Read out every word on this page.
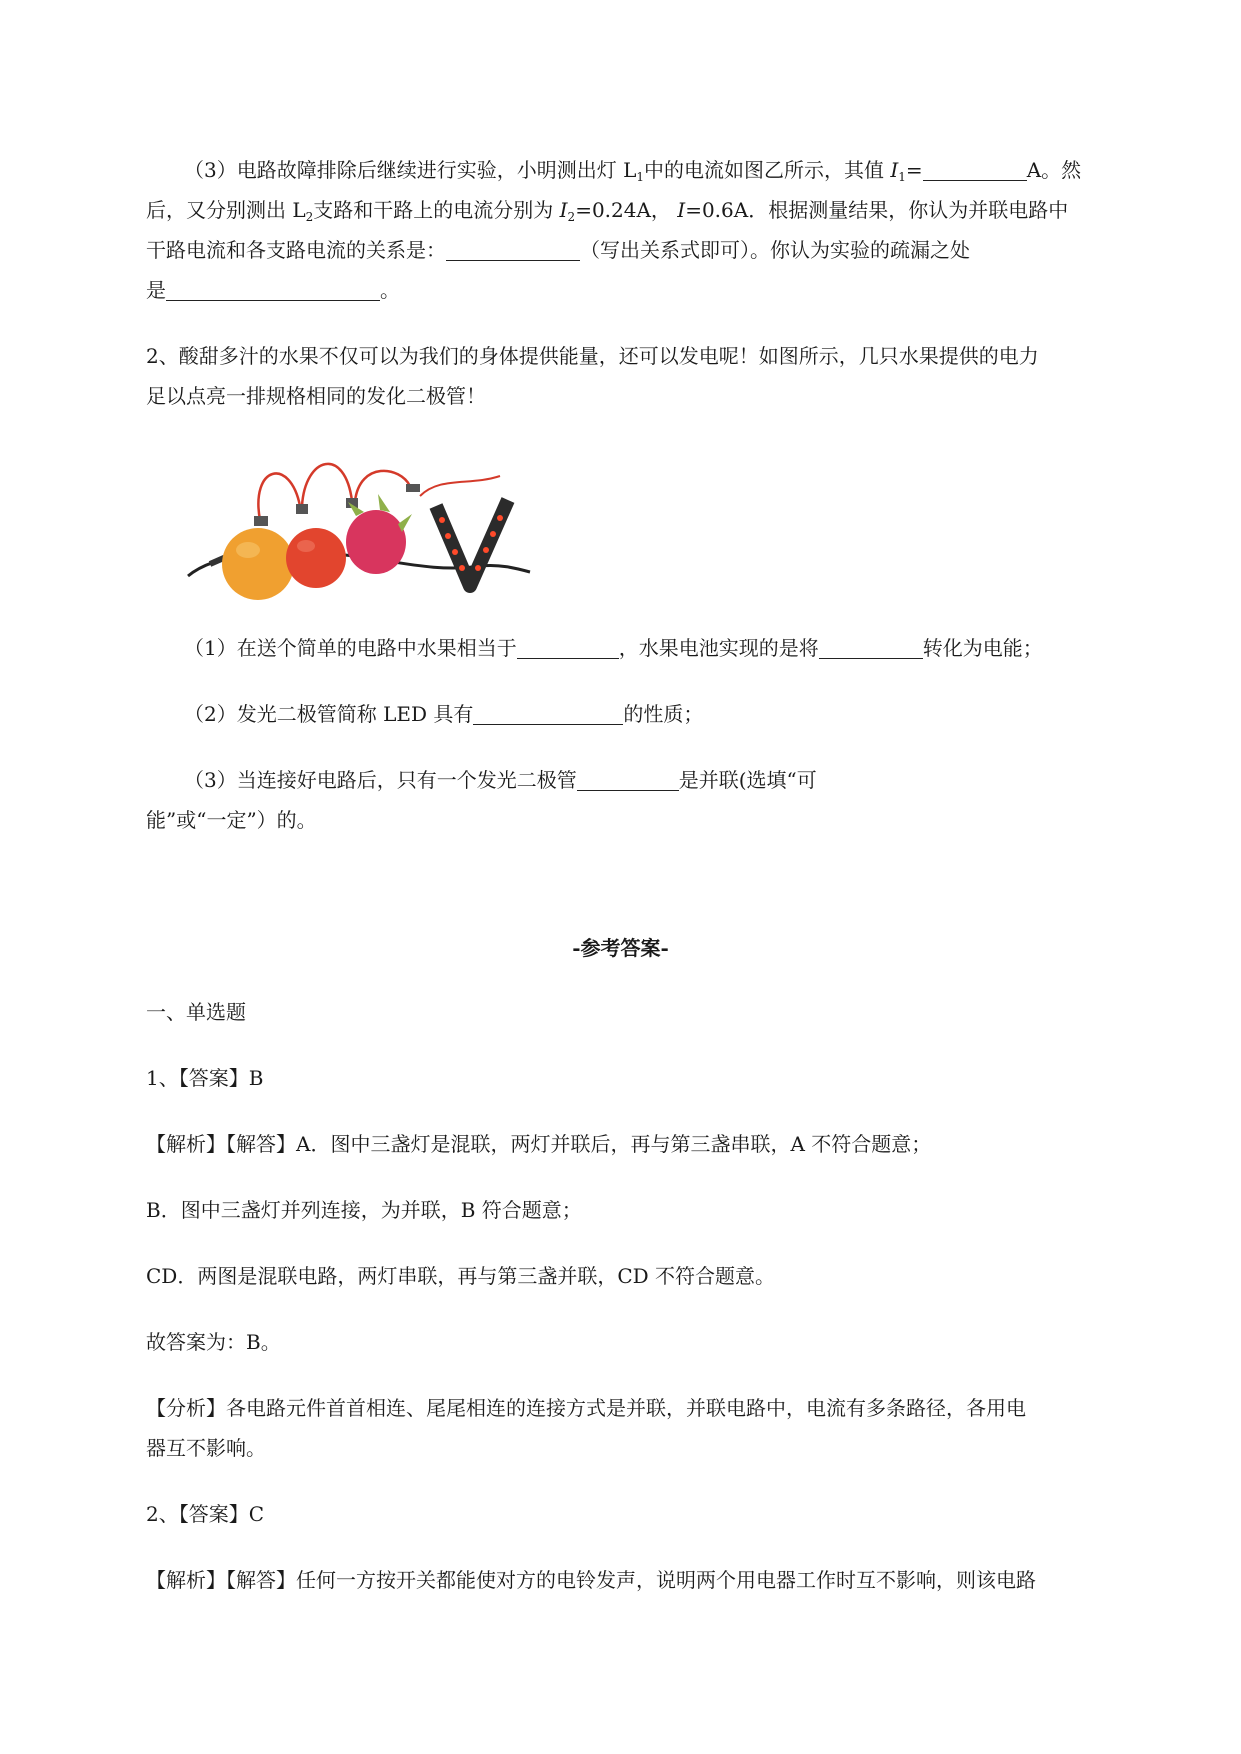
（3）电路故障排除后继续进行实验，小明测出灯 $L_1$中的电流如图乙所示，其值 $I_1=$	A。然
后，又分别测出 $L_2$支路和干路上的电流分别为 $I_2=0.24A$， I=0.6A．根据测量结果，你认为并联电路中
干路电流和各支路电流的关系是：	（写出关系式即可）。你认为实验的疏漏之处
是	。
2、酸甜多汁的水果不仅可以为我们的身体提供能量，还可以发电呢！如图所示，几只水果提供的电力
足以点亮一排规格相同的发化二极管！
（1）在送个简单的电路中水果相当于	，水果电池实现的是将	转化为电能；
（2）发光二极管简称 LED 具有	的性质；
（3）当连接好电路后，只有一个发光二极管	是并联(选填“可
能”或“一定”）的。
-参考答案-
一、单选题
1、【答案】B
【解析】【解答】A．图中三盏灯是混联，两灯并联后，再与第三盏串联，A 不符合题意；
B．图中三盏灯并列连接，为并联，B 符合题意；
CD．两图是混联电路，两灯串联，再与第三盏并联，CD 不符合题意。
故答案为：B。
【分析】各电路元件首首相连、尾尾相连的连接方式是并联，并联电路中，电流有多条路径，各用电
器互不影响。
2、【答案】C
【解析】【解答】任何一方按开关都能使对方的电铃发声，说明两个用电器工作时互不影响，则该电路
